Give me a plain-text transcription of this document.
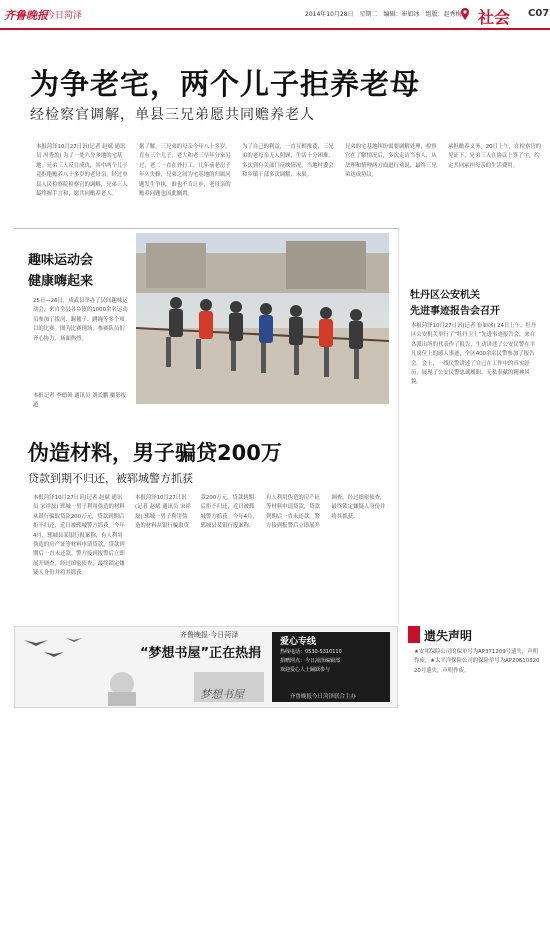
齐鲁晚报
今日菏泽	2014年10月28日　星期二　编辑：崔如冰　组版：赵秀梅 社会 C07
为争老宅，两个儿子拒养老母
经检察官调解，单县三兄弟愿共同赡养老人
本报菏泽10月27日讯(记者 赵斌 通讯员 冯秀盈) 为了一处六分多地的宅基地，兄弟三人反目成仇，其中两个儿子竟拒绝赡养八十多岁的老母亲。经过单县人民检察院检察官的调解，兄弟三人最终握手言和，愿共同赡养老人。
据了解，三兄弟的母亲今年八十多岁，育有三个儿子，老大和老三早年分家另过，老二一直在外打工。几年前老房子年久失修，兄弟之间为宅基地的归属问题发生争执，谁也不肯让步，老母亲的赡养问题也因此搁置。
为了自己的利益，一直互相推诿，三兄弟的老母亲无人照顾，生活十分困难，多次到有关部门反映情况。当地村委会和乡镇干部多次调解，未果。
兄弟的宅基地纠纷需要调解处理，检察官在了解情况后，多次走访当事人，从法理和情理两方面进行劝说，最终三兄弟达成协议。
承担赡养义务。20日上午，在检察官的见证下，兄弟三人在协议上签了字，约定共同承担母亲的生活费用。
趣味运动会
健康嗨起来
25日—26日，成武县举办了民间趣味运动会，来自全县各乡镇的1000余名运动员参加了拔河、踢毽子、跳绳等多个项目的比赛。图为比赛现场，参赛队员们齐心协力，场面热烈。
本报记者 李德领 通讯员 刘长鹏 摄影报道
牡丹区公安机关
先进事迹报告会召开
本报菏泽10月27日讯(记者 崔如冰) 24日上午，牡丹区公安机关举行了“牡丹卫士”先进事迹报告会，来自各派出所的代表作了报告，生动讲述了公安民警在平凡岗位上的感人事迹，全区400余名民警参加了报告会。会上，一线民警讲述了自己在工作中的真实经历，展现了公安民警忠诚履职、无私奉献的精神风貌。
伪造材料，男子骗贷200万
贷款到期不归还，被郓城警方抓获
本报菏泽10月27日讯(记者 赵斌 通讯员 宋祥磊) 郓城一男子利用伪造的材料从银行骗取贷款200万元，贷款到期后拒不归还，近日被郓城警方抓获。今年4月，郓城县某银行报案称，有人利用伪造的房产证等材料申请贷款，贷款到期后一直未还款。警方接到报警后立即展开调查，经过缜密侦查，最终锁定嫌疑人身份并将其抓获。
本报菏泽10月27日讯(记者 赵斌 通讯员 宋祥磊) 郓城一男子利用伪造的材料从银行骗取贷款200万元，贷款到期后拒不归还，近日被郓城警方抓获。今年4月，郓城县某银行报案称，有人利用伪造的房产证等材料申请贷款，贷款到期后一直未还款。警方接到报警后立即展开调查，经过缜密侦查，最终锁定嫌疑人身份并将其抓获。
齐鲁晚报·今日菏泽
“梦想书屋”正在热捐
梦想书屋
爱心专线
热线电话：0530-5310110
捐赠网点：今日菏泽编辑部
欢迎爱心人士踊跃参与
齐鲁晚报今日菏泽联合主办
遗失声明
★安邦保险公司的保单号为AP371209号遗失，声明作废。★太平洋保险公司的保险单号为AP2061032020号遗失，声明作废。
